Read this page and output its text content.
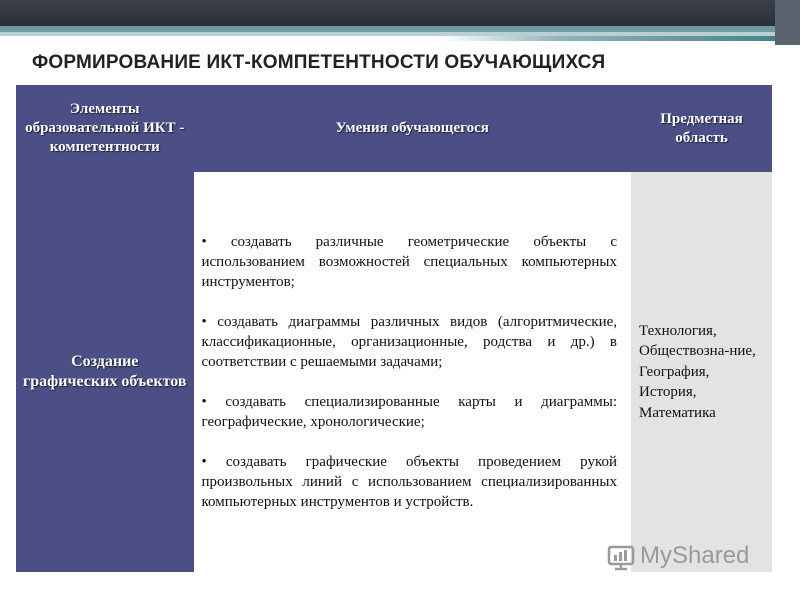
ФОРМИРОВАНИЕ ИКТ-КОМПЕТЕНТНОСТИ ОБУЧАЮЩИХСЯ
Элементы образовательной ИКТ - компетентности	Умения обучающегося	Предметная область
Создание графических объектов	• создавать различные геометрические объекты с использованием возможностей специальных компьютерных инструментов;

• создавать диаграммы различных видов (алгоритмические, классификационные, организационные, родства и др.) в соответствии с решаемыми задачами;

• создавать специализированные карты и диаграммы: географические, хронологические;

• создавать графические объекты проведением рукой произвольных линий с использованием специализированных компьютерных инструментов и устройств.	Технология, Обществозна-ние, География, История, Математика
MyShared
